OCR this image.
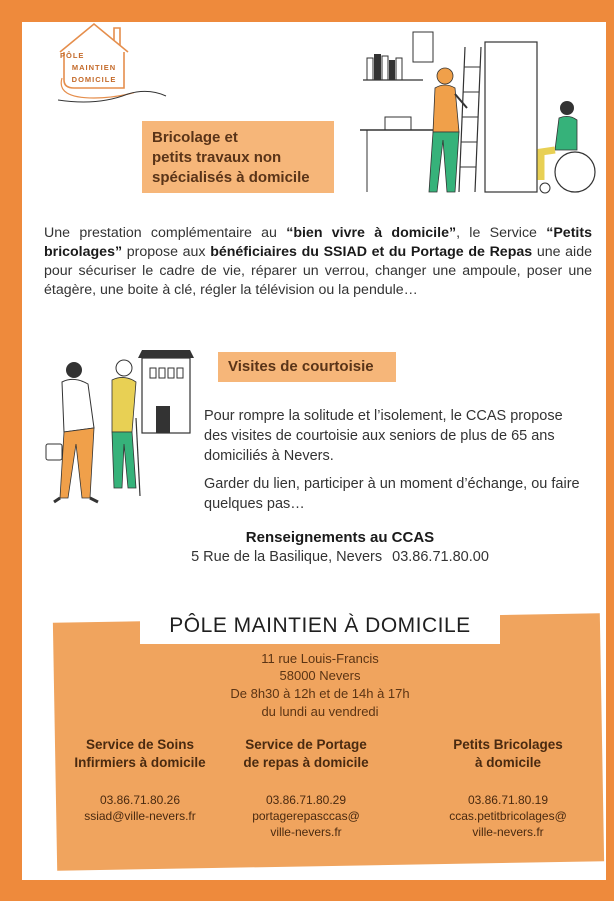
PÔLE
MAINTIEN
DOMICILE
Bricolage et
petits travaux non
spécialisés à domicile
Une prestation complémentaire au “bien vivre à domicile”, le Service “Petits bricolages” propose aux bénéficiaires du SSIAD et du Portage de Repas une aide pour sécuriser le cadre de vie, réparer un verrou, changer une ampoule, poser une étagère, une boite à clé, régler la télévision ou la pendule…
Visites de courtoisie
Pour rompre la solitude et l’isolement, le CCAS propose des visites de courtoisie aux seniors de plus de 65 ans domiciliés à Nevers.
Garder du lien, participer à un moment d’échange, ou faire quelques pas…
Renseignements au CCAS
5 Rue de la Basilique, Nevers 03.86.71.80.00
PÔLE MAINTIEN À DOMICILE
11 rue Louis-Francis
58000 Nevers
De 8h30 à 12h et de 14h à 17h
du lundi au vendredi
Service de Soins
Infirmiers à domicile
03.86.71.80.26
ssiad@ville-nevers.fr
Service de Portage
de repas à domicile
03.86.71.80.29
portagerepasccas@
ville-nevers.fr
Petits Bricolages
à domicile
03.86.71.80.19
ccas.petitbricolages@
ville-nevers.fr
